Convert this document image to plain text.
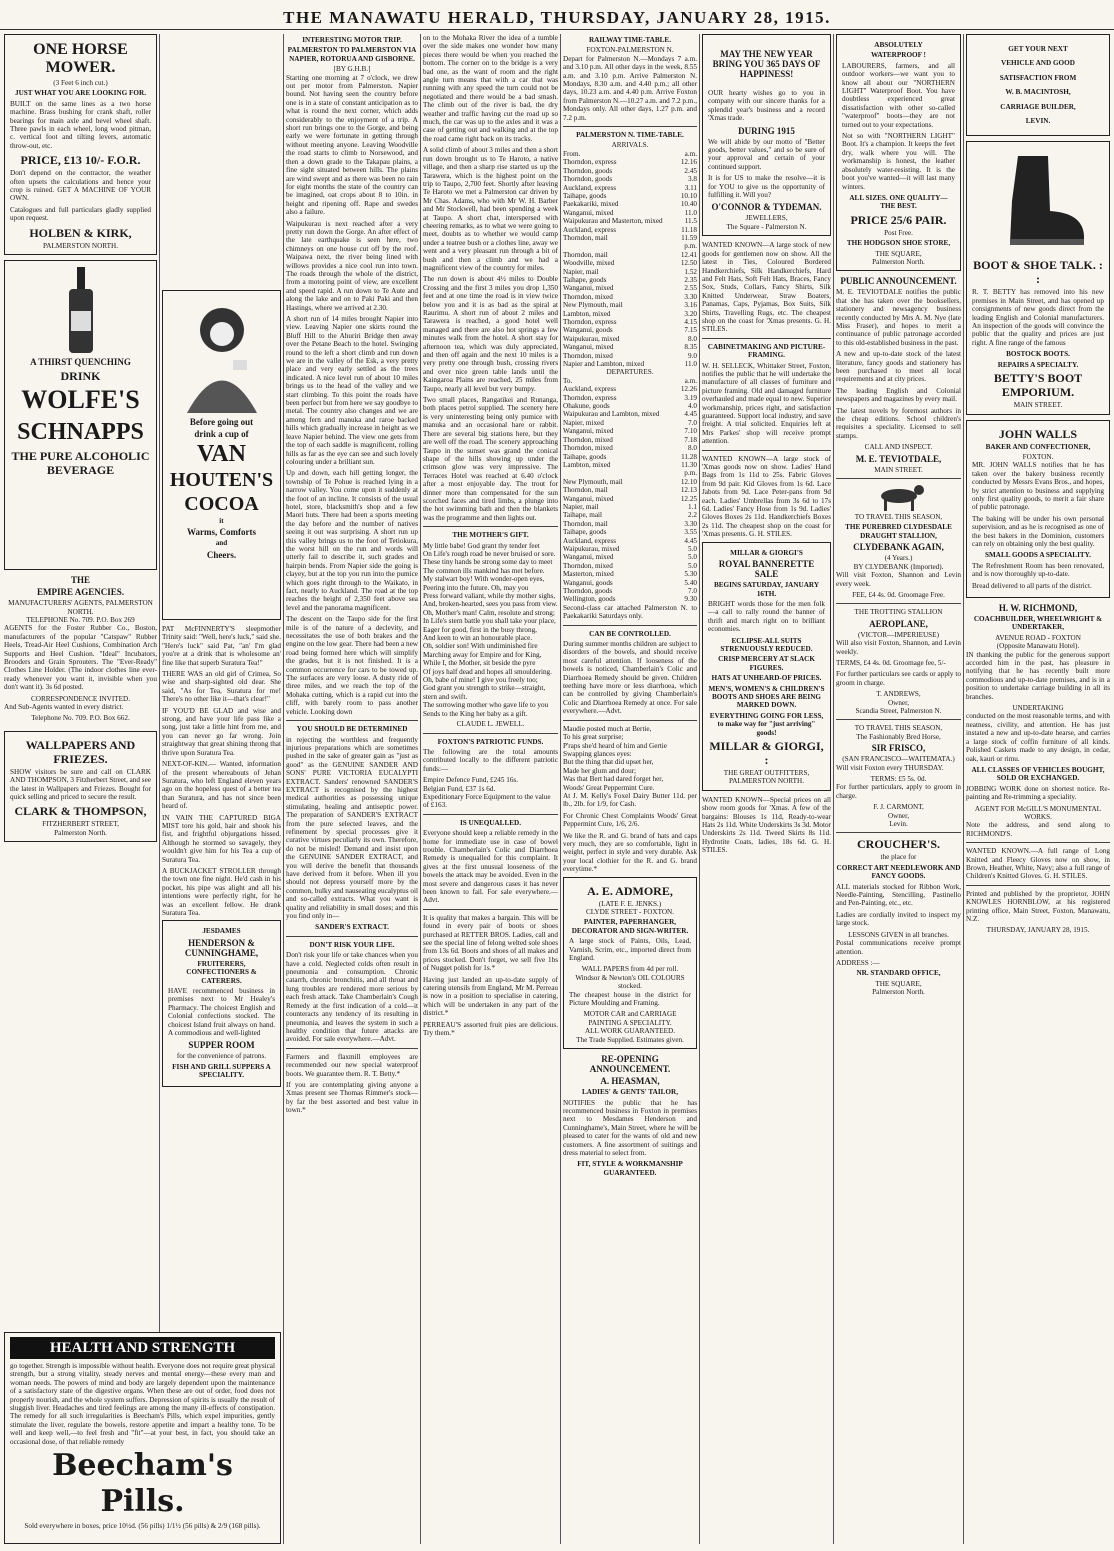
THE MANAWATU HERALD, THURSDAY, JANUARY 28, 1915.
ONE HORSE MOWER.
(3 Feet 6 inch cut.)
JUST WHAT YOU ARE LOOKING FOR.

BUILT on the same lines as a two horse machine. Brass bushing for crank shaft, roller bearings for main axle and bevel wheel shaft. Three pawls in each wheel, long wood pitman, c. vertical foot and tilting levers, automatic throw-out, etc.

PRICE, £13 10/- F.O.R.

Don't depend on the contractor, the weather often upsets the calculations and hence your crop is ruined. GET A MACHINE OF YOUR OWN.

Catalogues and full particulars gladly supplied upon request.

HOLBEN & KIRK,
PALMERSTON NORTH.
A THIRST QUENCHING
DRINK
WOLFE'S
SCHNAPPS
THE PURE ALCOHOLIC BEVERAGE
THE
EMPIRE AGENCIES.
MANUFACTURERS' AGENTS, PALMERSTON NORTH.
TELEPHONE No. 709. P.O. Box 269

AGENTS for the Foster Rubber Co., Boston, manufacturers of the popular "Catspaw" Rubber Heels, Tread-Air Heel Cushions, Combination Arch Supports and Heel Cushion. "Ideal" Incubators, Brooders and Grain Sprouters. The "Ever-Ready" Clothes Line Holder. (The indoor clothes line ever-ready whenever you want it, invisible when you don't want it). 3s 6d posted.

CORRESPONDENCE INVITED.

And Sub-Agents wanted in every district.

Telephone No. 709. P.O. Box 662.
WALLPAPERS AND FRIEZES.

SHOW visitors be sure and call on CLARK AND THOMPSON, 3 Fitzherbert Street, and see the latest in Wallpapers and Friezes. Bought for quick selling and priced to secure the result.

CLARK & THOMPSON,
FITZHERBERT STREET,
Palmerston North.
Before going out
drink a cup of
VAN
HOUTEN'S
COCOA
it
Warms, Comforts
and
Cheers.

PAT McFINNERTY'S sleepmother Trinity said: "Well, here's luck," said she. "Here's luck" said Pat, "an' I'm glad you're at a drink that is wholesome an' fine like that superb Suratura Tea!"

THERE WAS an old girl of Crimea, So wise and sharp-sighted old dear. She said, "As for Tea, Suratura for me! There's no other like it—that's clear!"

IF YOU'D BE GLAD and wise and strong, and have your life pass like a song, just take a little hint from me, and you can never go far wrong. Join straightway that great shining throng that thrive upon Suratura Tea.

NEXT-OF-KIN.— Wanted, information of the present whereabouts of Jehan Suratura, who left England eleven years ago on the hopeless quest of a better tea than Suratura, and has not since been heard of.

IN VAIN THE CAPTURED BIGA MIST tore his gold, hair and shook his fist, and frightful objurgations hissed. Although he stormed so savagely, they wouldn't give him for his Tea a cup of Suratura Tea.

A BUCKJACKET STROLLER through the town one fine night. He'd cash in his pocket, his pipe was alight and all his intentions were perfectly right, for he was an excellent fellow. He drank Suratura Tea.

JESDAMES
HENDERSON & CUNNINGHAME,
FRUITERERS, CONFECTIONERS & CATERERS.

HAVE recommenced business in premises next to Mr Healey's Pharmacy. The choicest English and Colonial confections stocked. The choicest Island fruit always on hand. A commodious and well-lighted

SUPPER ROOM
for the convenience of patrons.
FISH AND GRILL SUPPERS A SPECIALITY.
INTERESTING MOTOR TRIP.
PALMERSTON TO PALMERSTON VIA NAPIER, ROTORUA AND GISBORNE.
[BY G.H.B.]

Starting one morning at 7 o'clock, we drew out per motor from Palmerston. Napier bound. Not having seen the country before one is in a state of constant anticipation as to what is round the next corner, which adds considerably to the enjoyment of a trip. A short run brings one to the Gorge, and being early we were fortunate in getting through without meeting anyone. Leaving Woodville the road starts to climb to Norsewood, and then a down grade to the Takapau plains, a fine sight situated between hills. The plains are wind swept and as there was been no rain for eight months the state of the country can be imagined, oat crops about 8 to 10in. in height and ripening off. Rape and swedes also a failure.

Waipukurau is next reached after a very pretty run down the Gorge. An after effect of the late earthquake is seen here, two chimneys on one house cut off by the roof. Waipawa next, the river being lined with willows provides a nice cool run into town. The roads through the whole of the district, from a motoring point of view, are excellent and speed rapid. A run down to Te Aute and along the lake and on to Paki Paki and then Hastings, where we arrived at 2.30.

A short run of 14 miles brought Napier into view. Leaving Napier one skirts round the Bluff Hill to the Ahuriri Bridge then away over the Petane Beach to the hotel. Swinging round to the left a short climb and run down we are in the valley of the Esk, a very pretty place and very early settled as the trees indicated. A nice level run of about 10 miles brings us to the head of the valley and we start climbing. To this point the roads have been perfect but from here we say goodbye to metal. The country also changes and we are among fern and manuka and raroe backed hills which gradually increase in height as we leave Napier behind. The view one gets from the top of each saddle is magnificent, rolling hills as far as the eye can see and such lovely colouring under a brilliant sun.

Up and down, each hill getting longer, the township of Te Pohue is reached lying in a narrow valley. You come upon it suddenly at the foot of an incline. It consists of the usual hotel, store, blacksmith's shop and a few Maori huts. There had been a sports meeting the day before and the number of natives seeing it out was surprising. A short run up this valley brings us to the foot of Tetiokura, the worst hill on the run and words will utterly fail to describe it, such grades and hairpin bends. From Napier side the going is clayey, but at the top you run into the pumice which goes right through to the Waikato, in fact, nearly to Auckland. The road at the top reaches the height of 2,350 feet above sea level and the panorama magnificent.

The descent on the Taupo side for the first mile is of the nature of a declevity, and necessitates the use of both brakes and the engine on the low gear. There had been a new road being formed here which will simplify the grades, but it is not finished. It is a common occurrence for cars to be towed up. The surfaces are very loose. A dusty ride of three miles, and we reach the top of the Mohaka cutting, which is a rapid cut into the cliff, with barely room to pass another vehicle. Looking down

YOU SHOULD BE DETERMINED

in rejecting the worthless and frequently injurious preparations which are sometimes pushed in the sake of greater gain as "just as good" as the GENUINE SANDER AND SONS' PURE VICTORIA EUCALYPTI EXTRACT. Sanders' renowned SANDER'S EXTRACT is recognised by the highest medical authorities as possessing unique stimulating, healing and antiseptic power. The preparation of SANDER'S EXTRACT from the pure selected leaves, and the refinement by special processes give it curative virtues peculiarly its own. Therefore, do not be misled! Demand and insist upon the GENUINE SANDER EXTRACT, and you will derive the benefit that thousands have derived from it before. When ill you should not depress yourself more by the common, bulky and nauseating eucalyptus oil and so-called extracts. What you want is quality and reliability in small doses; and this you find only in—

SANDER'S EXTRACT.
DON'T RISK YOUR LIFE.

Don't risk your life or take chances when you have a cold. Neglected colds often result in pneumonia and consumption. Chronic catarrh, chronic bronchitis, and all throat and lung troubles are rendered more serious by each fresh attack. Take Chamberlain's Cough Remedy at the first indication of a cold—it counteracts any tendency of its resulting in pneumonia, and leaves the system in such a healthy condition that future attacks are avoided. For sale everywhere.—Advt.

Farmers and flaxmill employees are recommended our new special waterproof boots. We guarantee them. R. T. Betty.*

If you are contemplating giving anyone a Xmas present see Thomas Rimmer's stock—by far the best assorted and best value in town.*

on to the Mohaka River the idea of a tumble over the side makes one wonder how many pieces there would be when you reached the bottom. The corner on to the bridge is a very bad one, as the want of room and the right angle turn means that with a car that was running with any speed the turn could not be negotiated and there would be a bad smash. The climb out of the river is bad, the dry weather and traffic having cut the road up so much, the car was up to the axles and it was a case of getting out and walking and at the top the road came right back on its tracks.

A solid climb of about 3 miles and then a short run down brought us to Te Haroto, a native village, and then a sharp rise started us up the Tarawera, which is the highest point on the trip to Taupo, 2,700 feet. Shortly after leaving Te Haroto we met a Palmerston car driven by Mr Chas. Adams, who with Mr W. H. Barber and Mr Stockwell, had been spending a week at Taupo. A short chat, interspersed with cheering remarks, as to what we were going to meet, doubts as to whether we would camp under a teatree bush or a clothes line, away we went and a very pleasant run through a bit of bush and then a climb and we had a magnificent view of the country for miles.

The run down is about 4½ miles to Double Crossing and the first 3 miles you drop 1,350 feet and at one time the road is in view twice below you and it is as bad as the spiral at Raurimu. A short run of about 2 miles and Tarawera is reached, a good hotel well managed and there are also hot springs a few minutes walk from the hotel. A short stay for afternoon tea, which was duly appreciated, and then off again and the next 10 miles is a very pretty one through bush, crossing rivers and over nice green table lands until the Kaingaroa Plains are reached, 25 miles from Taupo, nearly all level but very bumpy.

Two small places, Rangatikei and Runanga, both places petrol supplied. The scenery here is very uninteresting being only pumice with manuka and an occasional hare or rabbit. There are several big stations here, but they are well off the road. The scenery approaching Taupo in the sunset was grand the conical shape of the hills showing up under the crimson glow was very impressive. The Terraces Hotel was reached at 6.40 o'clock after a most enjoyable day. The trout for dinner more than compensated for the sun scorched faces and tired limbs, a plunge into the hot swimming bath and then the blankets was the programme and then lights out.

THE MOTHER'S GIFT.
My little babe! God grant thy tender feet
On Life's rough road be never bruised or sore.
These tiny hands be strong some day to meet
The common ills mankind has met before.
My stalwart boy! With wonder-open eyes,
Peering into the future. Oh, may you
Press forward valiant, while thy mother sighs,
And, broken-hearted, sees you pass from view.
Oh, Mother's man! Calm, resolute and strong;
In Life's stern battle you shall take your place,
Eager for good, first in the busy throng,
And keen to win an honourable place.
Oh, soldier son! With undiminished fire
Marching away for Empire and for King,
While I, the Mother, sit beside the pyre
Of joys half dead and hopes all smouldering.
Oh, babe of mine! I give you freely too;
God grant you strength to strike—straight, stern and swift.
The sorrowing mother who gave life to you
Sends to the King her baby as a gift.
CLAUDE L. JEWELL.
FOXTON'S PATRIOTIC FUNDS.

The following are the total amounts contributed locally to the different patriotic funds:—

Empire Defence Fund, £245 16s.
Belgian Fund, £37 1s 6d.
Expeditionary Force Equipment to the value of £163.
IS UNEQUALLED.

Everyone should keep a reliable remedy in the home for immediate use in case of bowel trouble. Chamberlain's Colic and Diarrhoea Remedy is unequalled for this complaint. It gives at the first unusual looseness of the bowels the attack may be avoided. Even in the most severe and dangerous cases it has never been known to fail. For sale everywhere.—Advt.

It is quality that makes a bargain. This will be found in every pair of boots or shoes purchased at RETTER BROS. Ladies, call and see the special line of felong welted sole shoes from 13s 6d. Boots and shoes of all makes and prices stocked. Don't forget, we sell five 1bs of Nugget polish for 1s.*

Having just landed an up-to-date supply of catering utensils from England, Mr M. Perreau is now in a position to specialise in catering, which will be undertaken in any part of the district.*

PERREAU'S assorted fruit pies are delicious. Try them.*

RAILWAY TIME-TABLE.
FOXTON-PALMERSTON N.

Depart for Palmerston N.—Mondays 7 a.m. and 3.10 p.m. All other days in the week, 8.55 a.m. and 3.10 p.m. Arrive Palmerston N. Mondays, 8.30 a.m. and 4.40 p.m.; all other days, 10.23 a.m. and 4.40 p.m. Arrive Foxton from Palmerston N.—10.27 a.m. and 7.2 p.m., Mondays only. All other days, 1.27 p.m. and 7.2 p.m.

PALMERSTON N. TIME-TABLE.
ARRIVALS.
From.	a.m.
Thorndon, express	12.16
Thorndon, goods	2.45
Thorndon, goods	3.8
Auckland, express	3.11
Taihape, goods	10.10
Paekakariki, mixed	10.40
Wanganui, mixed	11.0
Waipukurau and Masterton, mixed	11.5
Auckland, express	11.18
Thorndon, mail	11.59
p.m.
Thorndon, mail	12.41
Woodville, mixed	12.50
Napier, mail	1.52
Taihape, goods	2.35
Wanganui, mixed	2.55
Thorndon, mixed	3.30
New Plymouth, mail	3.16
Lambton, mixed	3.20
Thorndon, express	4.15
Wanganui, goods	7.15
Waipukurau, mixed	8.0
Wanganui, mixed	8.35
Thorndon, mixed	9.0
Napier and Lambton, mixed	11.0
DEPARTURES.
To.	a.m.
Auckland, express	12.26
Thorndon, express	3.19
Ohakune, goods	4.0
Waipukurau and Lambton, mixed	4.45
Napier, mixed	7.0
Wanganui, mixed	7.10
Thorndon, mixed	7.18
Thorndon, mixed	8.0
Taihape, goods	11.28
Lambton, mixed	11.30
p.m.
New Plymouth, mail	12.10
Thorndon, mail	12.13
Wanganui, mixed	12.25
Napier, mail	1.1
Taihape, mail	2.2
Thorndon, mail	3.30
Taihape, goods	3.55
Auckland, express	4.45
Waipukurau, mixed	5.0
Wanganui, mixed	5.0
Thorndon, mixed	5.0
Masterton, mixed	5.30
Wanganui, goods	5.40
Thorndon, goods	7.0
Wellington, goods	9.30

Second-class car attached Palmerston N. to Paekakariki Saturdays only.

CAN BE CONTROLLED.

During summer months children are subject to disorders of the bowels, and should receive most careful attention. If looseness of the bowels is noticed, Chamberlain's Colic and Diarrhoea Remedy should be given. Children teething have more or less diarrhoea, which can be controlled by giving Chamberlain's Colic and Diarrhoea Remedy at once. For sale everywhere.—Advt.

Maudie posted much at Bertie,
To his great surprise;
P'raps she'd heard of him and Gertie
Swapping glances eyes:
But the thing that did upset her,
Made her glum and dour;
Was that Bert had dared forget her,
Woods' Great Peppermint Cure.

At J. M. Kelly's Foxel Dairy Butter 11d. per lb., 2lb. for 1/9, for Cash.

For Chronic Chest Complaints Woods' Great Peppermint Cure, 1/6, 2/6.

We like the R. and G. brand of hats and caps very much, they are so comfortable, light in weight, perfect in style and very durable. Ask your local clothier for the R. and G. brand everytime.*

A. E. ADMORE,
(LATE F. E. JENKS.)
CLYDE STREET - FOXTON.
PAINTER, PAPERHANGER, DECORATOR AND SIGN-WRITER.

A large stock of Paints, Oils, Lead, Varnish, Scrim, etc., imported direct from England.

WALL PAPERS from 4d per roll.
Windsor & Newton's OIL COLOURS stocked.

The cheapest house in the district for Picture Moulding and Framing.

MOTOR CAR and CARRIAGE PAINTING A SPECIALITY.
ALL WORK GUARANTEED.
The Trade Supplied. Estimates given.
RE-OPENING ANNOUNCEMENT.
A. HEASMAN,
LADIES' & GENTS' TAILOR,

NOTIFIES the public that he has recommenced business in Foxton in premises next to Mesdames Henderson and Cunninghame's, Main Street, where he will be pleased to cater for the wants of old and new customers. A fine assortment of suitings and dress material to select from.

FIT, STYLE & WORKMANSHIP GUARANTEED.
MAY THE NEW YEAR BRING YOU 365 DAYS OF HAPPINESS!

OUR hearty wishes go to you in company with our sincere thanks for a splendid year's business and a record 'Xmas trade.

DURING 1915

We will abide by our motto of "Better goods, better values," and so be sure of your approval and certain of your continued support.

It is for US to make the resolve—it is for YOU to give us the opportunity of fulfilling it. Will you?

O'CONNOR & TYDEMAN.
JEWELLERS,
The Square - Palmerston N.

WANTED KNOWN—A large stock of new goods for gentlemen now on show. All the latest in Ties, Coloured Bordered Handkerchiefs, Silk Handkerchiefs, Hard and Felt Hats, Soft Felt Hats, Braces, Fancy Sox, Studs, Collars, Fancy Shirts, Silk Knitted Underwear, Straw Boaters, Panamas, Caps, Pyjamas, Box Suits, Silk Shirts, Travelling Rugs, etc. The cheapest shop on the coast for 'Xmas presents. G. H. STILES.

CABINETMAKING AND PICTURE-FRAMING.

W. H. SELLECK, Whittaker Street, Foxton, notifies the public that he will undertake the manufacture of all classes of furniture and picture framing. Old and damaged furniture overhauled and made equal to new. Superior workmanship, prices right, and satisfaction guaranteed. Support local industry, and save freight. A trial solicited. Enquiries left at Mrs Parkes' shop will receive prompt attention.

WANTED KNOWN—A large stock of 'Xmas goods now on show. Ladies' Hand Bags from 1s 11d to 25s. Fabric Gloves from 9d pair. Kid Gloves from 1s 6d. Lace Jabots from 9d. Lace Peter-pans from 9d each. Ladies' Umbrellas from 3s 6d to 17s 6d. Ladies' Fancy Hose from 1s 9d. Ladies' Gloves Boxes 2s 11d. Handkerchiefs Boxes 2s 11d. The cheapest shop on the coast for 'Xmas presents. G. H. STILES.

MILLAR & GIORGI'S
ROYAL BANNERETTE SALE
BEGINS SATURDAY, JANUARY 16TH.

BRIGHT words those for the men folk—a call to rally round the banner of thrift and march right on to brilliant economies.

ECLIPSE-ALL SUITS STRENUOUSLY REDUCED.
CRISP MERCERY AT SLACK FIGURES.
HATS AT UNHEARD-OF PRICES.
MEN'S, WOMEN'S & CHILDREN'S BOOTS AND SHOES ARE BEING MARKED DOWN.
EVERYTHING GOING FOR LESS, to make way for "just arriving" goods!
MILLAR & GIORGI, :
THE GREAT OUTFITTERS,
PALMERSTON NORTH.

WANTED KNOWN—Special prices on all show room goods for 'Xmas. A few of the bargains: Blouses 1s 11d, Ready-to-wear Hats 2s 11d. White Underskirts 3s 3d. Motor Underskirts 2s 11d. Tweed Skirts 8s 11d. Hydrotite Coats, ladies, 18s 6d. G. H. STILES.

ABSOLUTELY
WATERPROOF !

LABOURERS, farmers, and all outdoor workers—we want you to know all about our "NORTHERN LIGHT" Waterproof Boot. You have doubtless experienced great dissatisfaction with other so-called "waterproof" boots—they are not turned out to your expectations.

Not so with "NORTHERN LIGHT" Boot. It's a champion. It keeps the feet dry, walk where you will. The workmanship is honest, the leather absolutely water-resisting. It is the boot you've wanted—it will last many winters.

ALL SIZES. ONE QUALITY—THE BEST.
PRICE 25/6 PAIR.
Post Free.
THE HODGSON SHOE STORE,
THE SQUARE,
Palmerston North.
PUBLIC ANNOUNCEMENT.

M. E. TEVIOTDALE notifies the public that she has taken over the booksellers, stationery and newsagency business recently conducted by Mrs A. M. Nye (late Miss Fraser), and hopes to merit a continuance of public patronage accorded to this old-established business in the past.

A new and up-to-date stock of the latest literature, fancy goods and stationery has been purchased to meet all local requirements and at city prices.

The leading English and Colonial newspapers and magazines by every mail.

The latest novels by foremost authors in the cheap editions. School children's requisites a speciality. Licensed to sell stamps.

CALL AND INSPECT.
M. E. TEVIOTDALE,
MAIN STREET.
TO TRAVEL THIS SEASON,
THE PUREBRED CLYDESDALE DRAUGHT STALLION,
CLYDEBANK AGAIN,
(4 Years.)
BY CLYDEBANK (Imported).

Will visit Foxton, Shannon and Levin every week.

FEE, £4 4s. 0d. Groomage Free.
THE TROTTING STALLION
AEROPLANE,
(VICTOR—IMPERIEUSE)

Will also visit Foxton, Shannon, and Levin weekly.

TERMS, £4 4s. 0d. Groomage fee, 5/-

For further particulars see cards or apply to groom in charge.

T. ANDREWS,
Owner,
Scandia Street, Palmerston N.
TO TRAVEL THIS SEASON,
The Fashionably Bred Horse,
SIR FRISCO,
(SAN FRANCISCO—WAITEMATA.)

Will visit Foxton every THURSDAY.

TERMS: £5 5s. 0d.

For further particulars, apply to groom in charge.

F. J. CARMONT,
Owner,
Levin.
CROUCHER'S.
the place for
CORRECT ART NEEDLEWORK AND FANCY GOODS.

ALL materials stocked for Ribbon Work, Needle-Painting, Stencilling, Pastinello and Pen-Painting, etc., etc.

Ladies are cordially invited to inspect my large stock.

LESSONS GIVEN in all branches.

Postal communications receive prompt attention.

ADDRESS :—
NR. STANDARD OFFICE,
THE SQUARE,
Palmerston North.
GET YOUR NEXT
VEHICLE AND GOOD
SATISFACTION FROM
W. B. MACINTOSH,
CARRIAGE BUILDER,
LEVIN.
BOOT & SHOE TALK. : :

R. T. BETTY has removed into his new premises in Main Street, and has opened up consignments of new goods direct from the leading English and Colonial manufacturers. An inspection of the goods will convince the public that the quality and prices are just right. A fine range of the famous

BOSTOCK BOOTS.
REPAIRS A SPECIALTY.
BETTY'S BOOT EMPORIUM.
MAIN STREET.
JOHN WALLS
BAKER AND CONFECTIONER,
FOXTON.

MR. JOHN WALLS notifies that he has taken over the bakery business recently conducted by Messrs Evans Bros., and hopes, by strict attention to business and supplying only first quality goods, to merit a fair share of public patronage.

The baking will be under his own personal supervision, and as he is recognised as one of the best bakers in the Dominion, customers can rely on obtaining only the best quality.

SMALL GOODS A SPECIALITY.

The Refreshment Room has been renovated, and is now thoroughly up-to-date.

Bread delivered to all parts of the district.

H. W. RICHMOND,
COACHBUILDER, WHEELWRIGHT & UNDERTAKER,
AVENUE ROAD - FOXTON
(Opposite Manawatu Hotel).

IN thanking the public for the generous support accorded him in the past, has pleasure in notifying that he has recently built more commodious and up-to-date premises, and is in a position to undertake carriage building in all its branches.

UNDERTAKING

conducted on the most reasonable terms, and with neatness, civility, and attention. He has just instated a new and up-to-date hearse, and carries a large stock of coffin furniture of all kinds. Polished Caskets made to any design, in cedar, oak, kauri or rimu.

ALL CLASSES OF VEHICLES BOUGHT, SOLD OR EXCHANGED.

JOBBING WORK done on shortest notice. Re-painting and Re-trimming a speciality.

AGENT FOR McGILL'S MONUMENTAL WORKS.

Note the address, and send along to RICHMOND'S.

WANTED KNOWN.—A full range of Long Knitted and Fleecy Gloves now on show, in Brown, Heather, White, Navy; also a full range of Children's Knitted Gloves. G. H. STILES.

Printed and published by the proprietor, JOHN KNOWLES HORNBLOW, at his registered printing office, Main Street, Foxton, Manawatu, N.Z.

THURSDAY, JANUARY 28, 1915.
HEALTH AND STRENGTH

go together. Strength is impossible without health. Everyone does not require great physical strength, but a strong vitality, steady nerves and mental energy—these every man and woman needs. The powers of mind and body are largely dependent upon the maintenance of a satisfactory state of the digestive organs. When these are out of order, food does not properly nourish, and the whole system suffers. Depression of spirits is usually the result of sluggish liver. Headaches and tired feelings are among the many ill-effects of constipation. The remedy for all such irregularities is Beecham's Pills, which expel impurities, gently stimulate the liver, regulate the bowels, restore appetite and impart a healthy tone. To be well and keep well,—to feel fresh and "fit"—at your best, in fact, you should take an occasional dose, of that reliable remedy

Beecham's Pills.
Sold everywhere in boxes, price 10½d. (56 pills) 1/1½ (56 pills) & 2/9 (168 pills).
